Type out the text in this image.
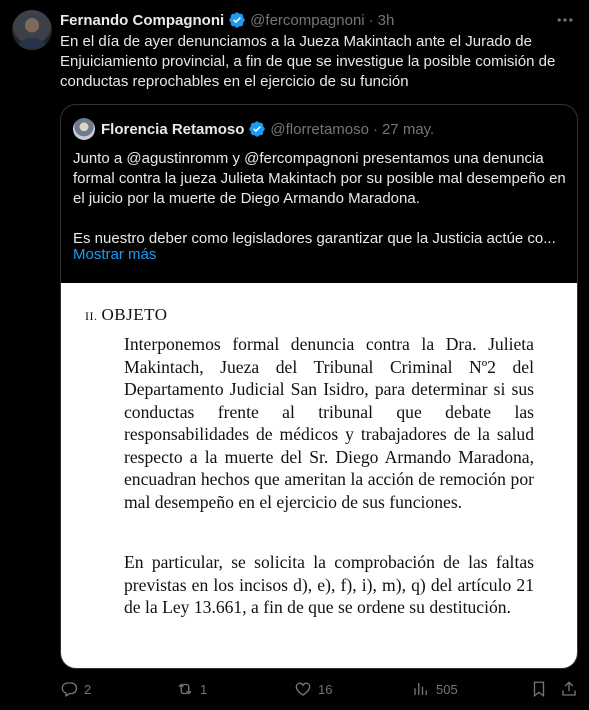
Fernando Compagnoni @fercompagnoni · 3h
En el día de ayer denunciamos a la Jueza Makintach ante el Jurado de Enjuiciamiento provincial, a fin de que se investigue la posible comisión de conductas reprochables en el ejercicio de su función
Florencia Retamoso @florretamoso · 27 may.

Junto a @agustinromm y @fercompagnoni presentamos una denuncia formal contra la jueza Julieta Makintach por su posible mal desempeño en el juicio por la muerte de Diego Armando Maradona.

Es nuestro deber como legisladores garantizar que la Justicia actúe co...

Mostrar más
II. OBJETO
Interponemos formal denuncia contra la Dra. Julieta Makintach, Jueza del Tribunal Criminal Nº2 del Departamento Judicial San Isidro, para determinar si sus conductas frente al tribunal que debate las responsabilidades de médicos y trabajadores de la salud respecto a la muerte del Sr. Diego Armando Maradona, encuadran hechos que ameritan la acción de remoción por mal desempeño en el ejercicio de sus funciones.
En particular, se solicita la comprobación de las faltas previstas en los incisos d), e), f), i), m), q) del artículo 21 de la Ley 13.661, a fin de que se ordene su destitución.
2	1	16	505
